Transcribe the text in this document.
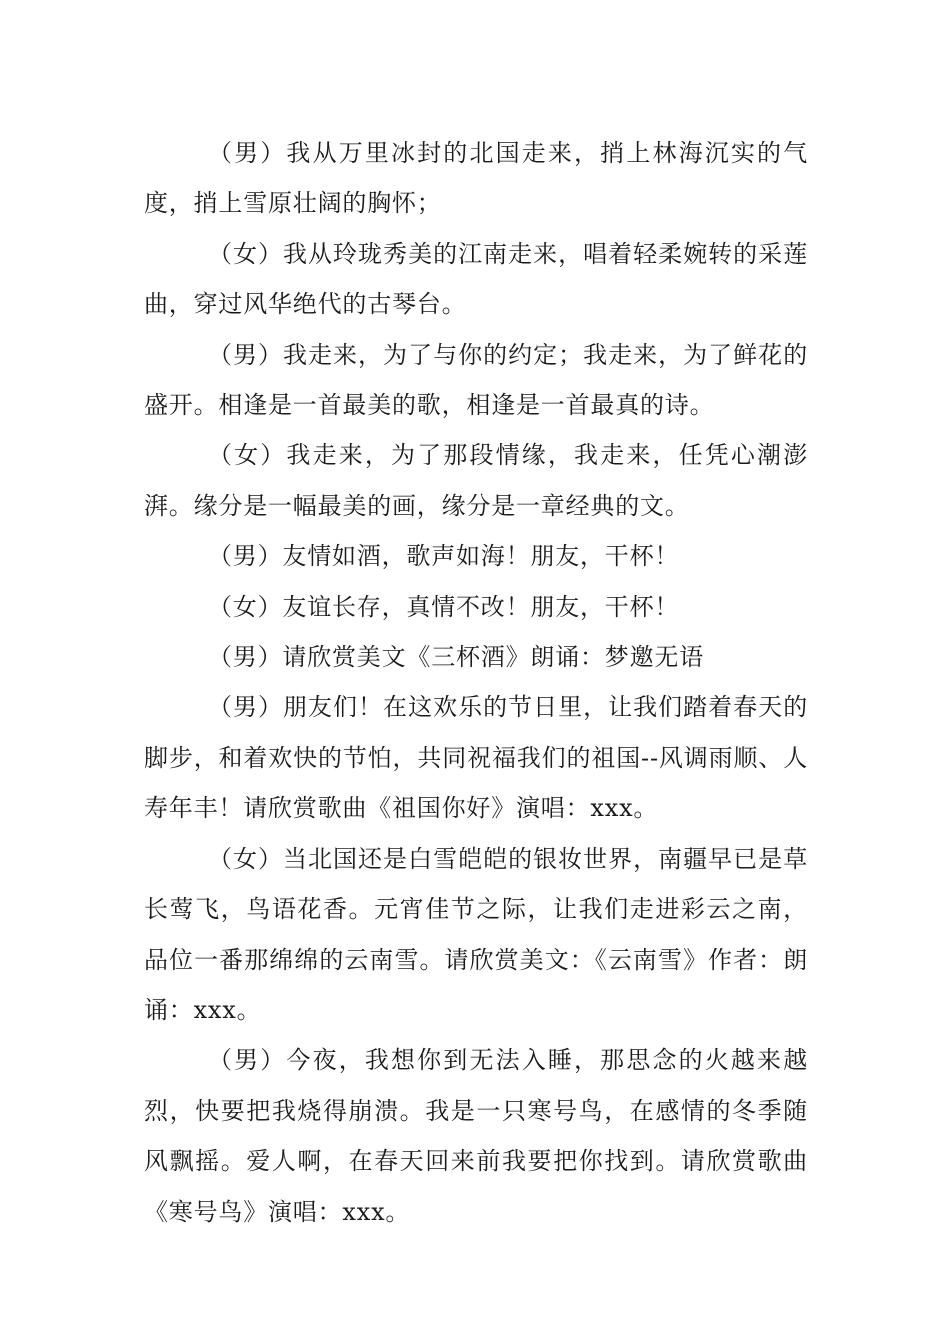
（男）我从万里冰封的北国走来，捎上林海沉实的气度，捎上雪原壮阔的胸怀；

（女）我从玲珑秀美的江南走来，唱着轻柔婉转的采莲曲，穿过风华绝代的古琴台。

（男）我走来，为了与你的约定；我走来，为了鲜花的盛开。相逢是一首最美的歌，相逢是一首最真的诗。

（女）我走来，为了那段情缘，我走来，任凭心潮澎湃。缘分是一幅最美的画，缘分是一章经典的文。

（男）友情如酒，歌声如海！朋友，干杯！

（女）友谊长存，真情不改！朋友，干杯！

（男）请欣赏美文《三杯酒》朗诵：梦邀无语

（男）朋友们！在这欢乐的节日里，让我们踏着春天的脚步，和着欢快的节怕，共同祝福我们的祖国--风调雨顺、人寿年丰！请欣赏歌曲《祖国你好》演唱：xxx。

（女）当北国还是白雪皑皑的银妆世界，南疆早已是草长莺飞，鸟语花香。元宵佳节之际，让我们走进彩云之南，品位一番那绵绵的云南雪。请欣赏美文：《云南雪》作者：朗诵：xxx。

（男）今夜，我想你到无法入睡，那思念的火越来越烈，快要把我烧得崩溃。我是一只寒号鸟，在感情的冬季随风飘摇。爱人啊，在春天回来前我要把你找到。请欣赏歌曲《寒号鸟》演唱：xxx。
